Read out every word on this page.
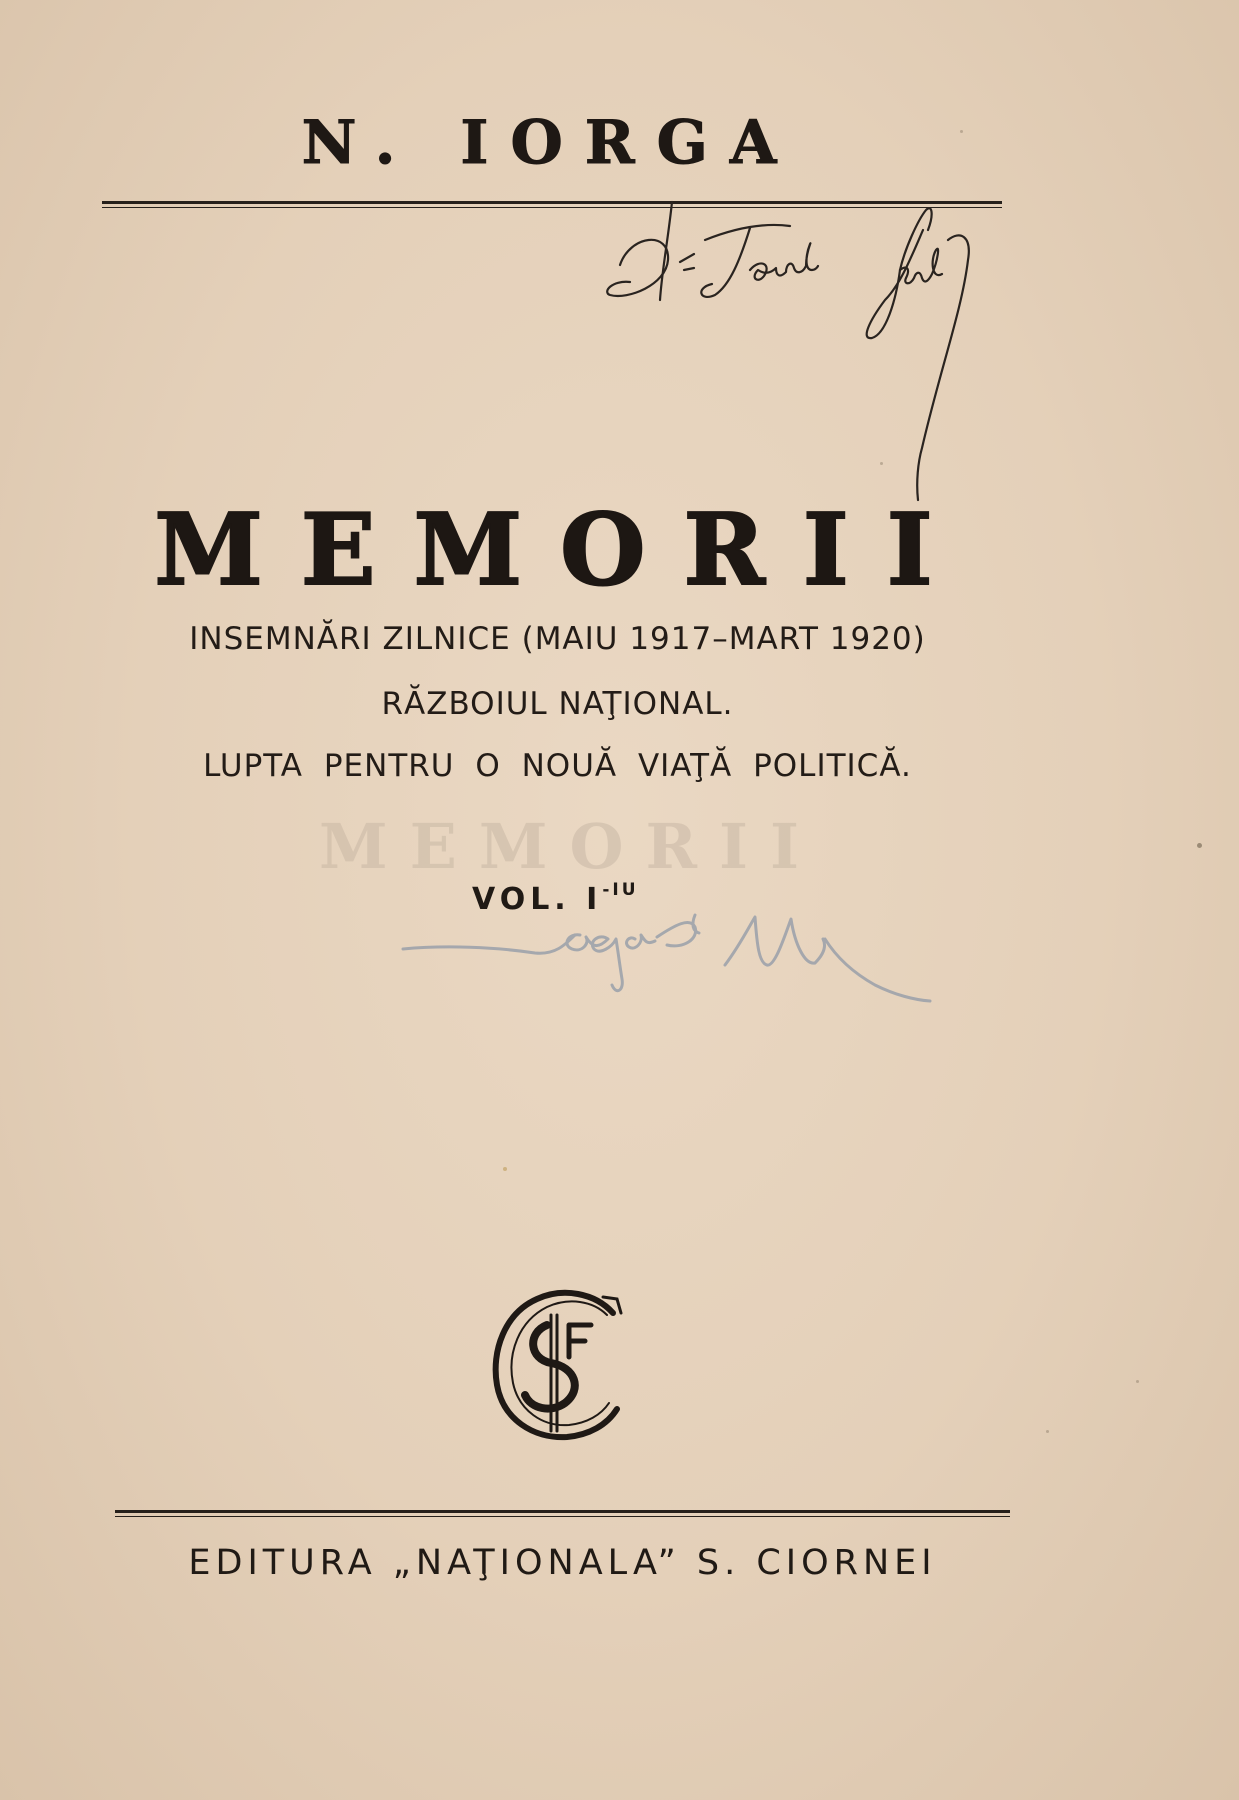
N. IORGA
MEMORII
INSEMNĂRI ZILNICE (MAIU 1917–MART 1920)
RĂZBOIUL NAŢIONAL.
LUPTA PENTRU O NOUĂ VIAŢĂ POLITICĂ.
MEMORII
VOL. $I^{-IU}$
EDITURA „NAŢIONALA” S. CIORNEI
